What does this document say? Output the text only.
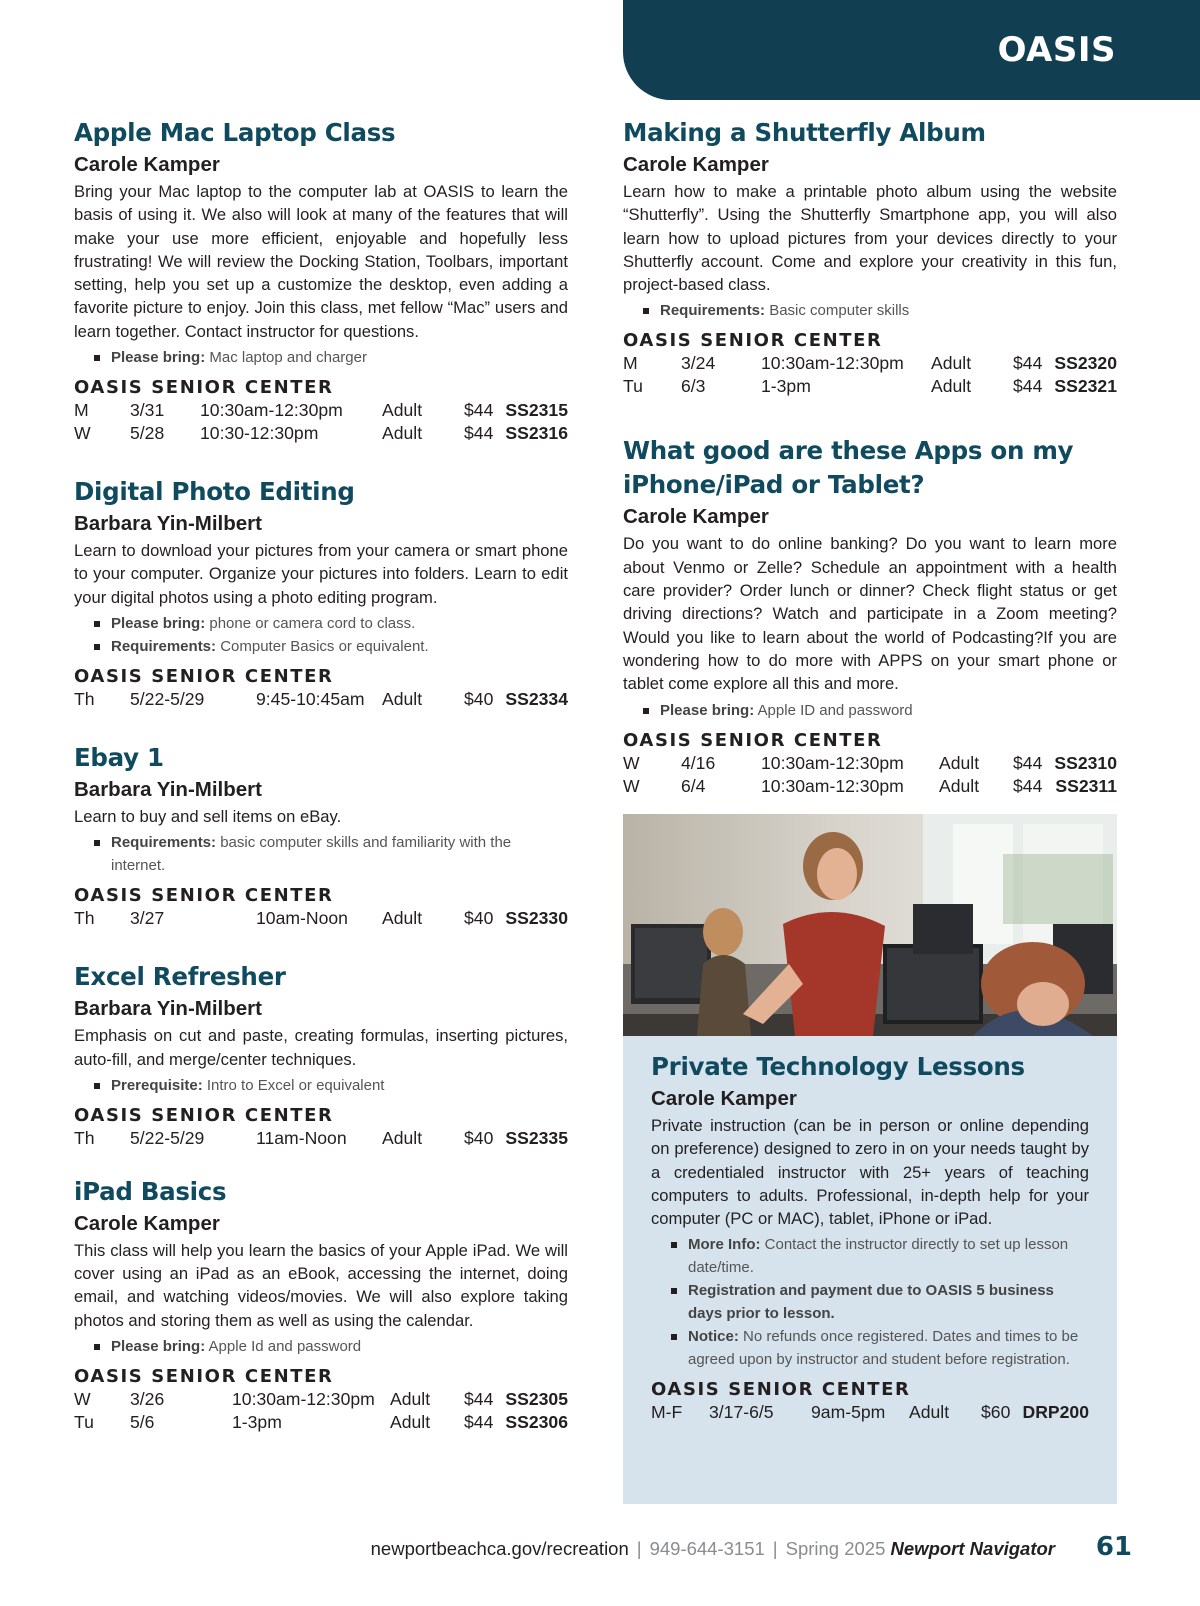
OASIS
Apple Mac Laptop Class
Carole Kamper
Bring your Mac laptop to the computer lab at OASIS to learn the basis of using it. We also will look at many of the features that will make your use more efficient, enjoyable and hopefully less frustrating! We will review the Docking Station, Toolbars, important setting, help you set up a customize the desktop, even adding a favorite picture to enjoy. Join this class, met fellow “Mac” users and learn together. Contact instructor for questions.
Please bring: Mac laptop and charger
OASIS SENIOR CENTER
M 3/31 10:30am-12:30pm Adult $44 SS2315
W 5/28 10:30-12:30pm	Adult $44 SS2316
Digital Photo Editing
Barbara Yin-Milbert
Learn to download your pictures from your camera or smart phone to your computer. Organize your pictures into folders. Learn to edit your digital photos using a photo editing program.
Please bring: phone or camera cord to class.
Requirements: Computer Basics or equivalent.
OASIS SENIOR CENTER
Th 5/22-5/29	9:45-10:45am Adult $40 SS2334
Ebay 1
Barbara Yin-Milbert
Learn to buy and sell items on eBay.
Requirements: basic computer skills and familiarity with the internet.
OASIS SENIOR CENTER
Th 3/27	10am-Noon Adult $40 SS2330
Excel Refresher
Barbara Yin-Milbert
Emphasis on cut and paste, creating formulas, inserting pictures, auto-fill, and merge/center techniques.
Prerequisite: Intro to Excel or equivalent
OASIS SENIOR CENTER
Th 5/22-5/29	11am-Noon Adult $40 SS2335
iPad Basics
Carole Kamper
This class will help you learn the basics of your Apple iPad. We will cover using an iPad as an eBook, accessing the internet, doing email, and watching videos/movies. We will also explore taking photos and storing them as well as using the calendar.
Please bring: Apple Id and password
OASIS SENIOR CENTER
W 3/26	10:30am-12:30pm Adult $44 SS2305
Tu 5/6	1-3pm	Adult $44 SS2306
Making a Shutterfly Album
Carole Kamper
Learn how to make a printable photo album using the website “Shutterfly”. Using the Shutterfly Smartphone app, you will also learn how to upload pictures from your devices directly to your Shutterfly account. Come and explore your creativity in this fun, project-based class.
Requirements: Basic computer skills
OASIS SENIOR CENTER
M 3/24	10:30am-12:30pm Adult $44 SS2320
Tu 6/3	1-3pm	Adult $44 SS2321
What good are these Apps on my
iPhone/iPad or Tablet?
Carole Kamper
Do you want to do online banking? Do you want to learn more about Venmo or Zelle? Schedule an appointment with a health care provider? Order lunch or dinner? Check flight status or get driving directions? Watch and participate in a Zoom meeting? Would you like to learn about the world of Podcasting?If you are wondering how to do more with APPS on your smart phone or tablet come explore all this and more.
Please bring: Apple ID and password
OASIS SENIOR CENTER
W 4/16	10:30am-12:30pm Adult $44 SS2310
W 6/4	10:30am-12:30pm Adult $44 SS2311
Private Technology Lessons
Carole Kamper
Private instruction (can be in person or online depending on preference) designed to zero in on your needs taught by a credentialed instructor with 25+ years of teaching computers to adults. Professional, in-depth help for your computer (PC or MAC), tablet, iPhone or iPad.
More Info: Contact the instructor directly to set up lesson date/time.
Registration and payment due to OASIS 5 business days prior to lesson.
Notice: No refunds once registered. Dates and times to be agreed upon by instructor and student before registration.
OASIS SENIOR CENTER
M-F 3/17-6/5 9am-5pm Adult $60 DRP200
newportbeachca.gov/recreation | 949-644-3151 | Spring 2025 Newport Navigator 61
